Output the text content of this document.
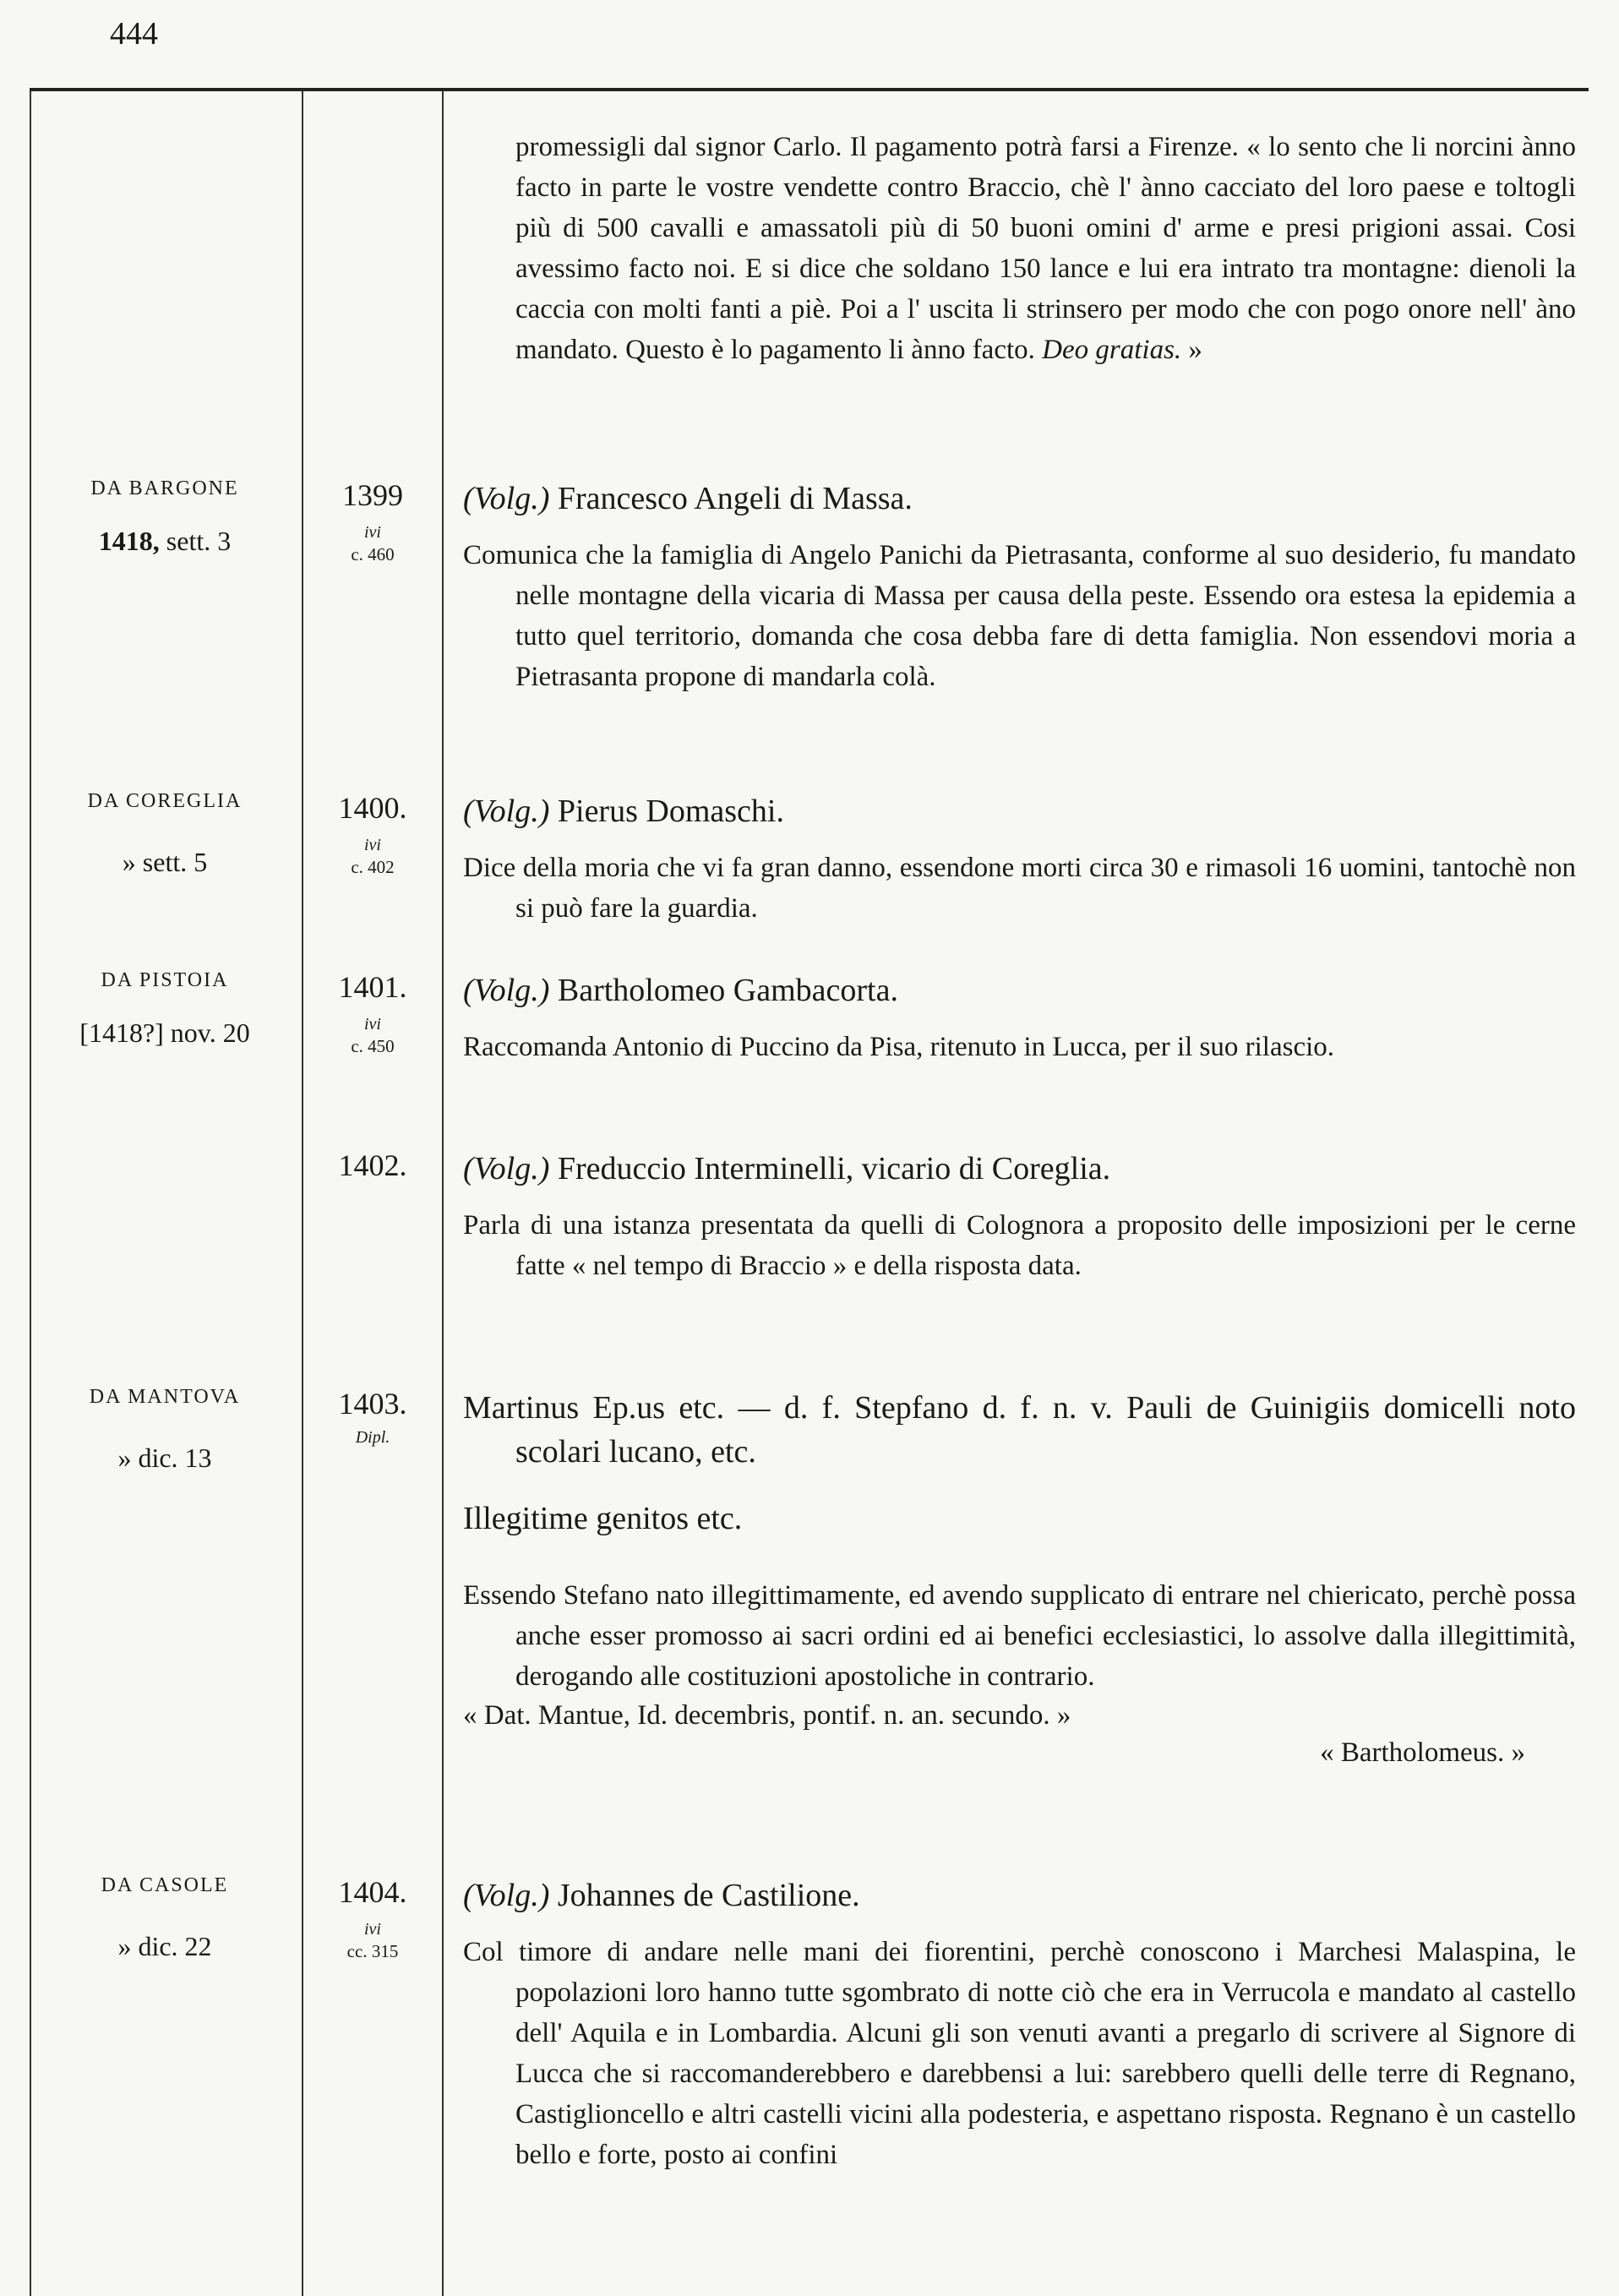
444
promessigli dal signor Carlo. Il pagamento potrà farsi a Firenze. « lo sento che li norcini ànno facto in parte le vostre vendette contro Braccio, chè l' ànno cacciato del loro paese e toltogli più di 500 cavalli e amassatoli più di 50 buoni omini d' arme e presi prigioni assai. Cosi avessimo facto noi. E si dice che soldano 150 lance e lui era intrato tra montagne: dienoli la caccia con molti fanti a piè. Poi a l' uscita li strinsero per modo che con pogo onore nell' àno mandato. Questo è lo pagamento li ànno facto. Deo gratias. »
DA BARGONE
1418, sett. 3
1399
ivi
c. 460
(Volg.) Francesco Angeli di Massa.
Comunica che la famiglia di Angelo Panichi da Pietrasanta, conforme al suo desiderio, fu mandato nelle montagne della vicaria di Massa per causa della peste. Essendo ora estesa la epidemia a tutto quel territorio, domanda che cosa debba fare di detta famiglia. Non essendovi moria a Pietrasanta propone di mandarla colà.
DA COREGLIA
» sett. 5
1400.
ivi
c. 402
(Volg.) Pierus Domaschi.
Dice della moria che vi fa gran danno, essendone morti circa 30 e rimasoli 16 uomini, tantochè non si può fare la guardia.
DA PISTOIA
[1418?] nov. 20
1401.
ivi
c. 450
(Volg.) Bartholomeo Gambacorta.
Raccomanda Antonio di Puccino da Pisa, ritenuto in Lucca, per il suo rilascio.
1402.	(Volg.) Freduccio Interminelli, vicario di Coreglia.
Parla di una istanza presentata da quelli di Colognora a proposito delle imposizioni per le cerne fatte « nel tempo di Braccio » e della risposta data.
DA MANTOVA
» dic. 13
1403.
Dipl.
Martinus Ep.us etc. — d. f. Stepfano d. f. n. v. Pauli de Guinigiis domicelli noto scolari lucano, etc.
Illegitime genitos etc.
Essendo Stefano nato illegittimamente, ed avendo supplicato di entrare nel chiericato, perchè possa anche esser promosso ai sacri ordini ed ai benefici ecclesiastici, lo assolve dalla illegittimità, derogando alle costituzioni apostoliche in contrario.
« Dat. Mantue, Id. decembris, pontif. n. an. secundo. »
« Bartholomeus. »
DA CASOLE
» dic. 22
1404.
ivi
cc. 315
(Volg.) Johannes de Castilione.
Col timore di andare nelle mani dei fiorentini, perchè conoscono i Marchesi Malaspina, le popolazioni loro hanno tutte sgombrato di notte ciò che era in Verrucola e mandato al castello dell' Aquila e in Lombardia. Alcuni gli son venuti avanti a pregarlo di scrivere al Signore di Lucca che si raccomanderebbero e darebbensi a lui: sarebbero quelli delle terre di Regnano, Castiglioncello e altri castelli vicini alla podesteria, e aspettano risposta. Regnano è un castello bello e forte, posto ai confini
